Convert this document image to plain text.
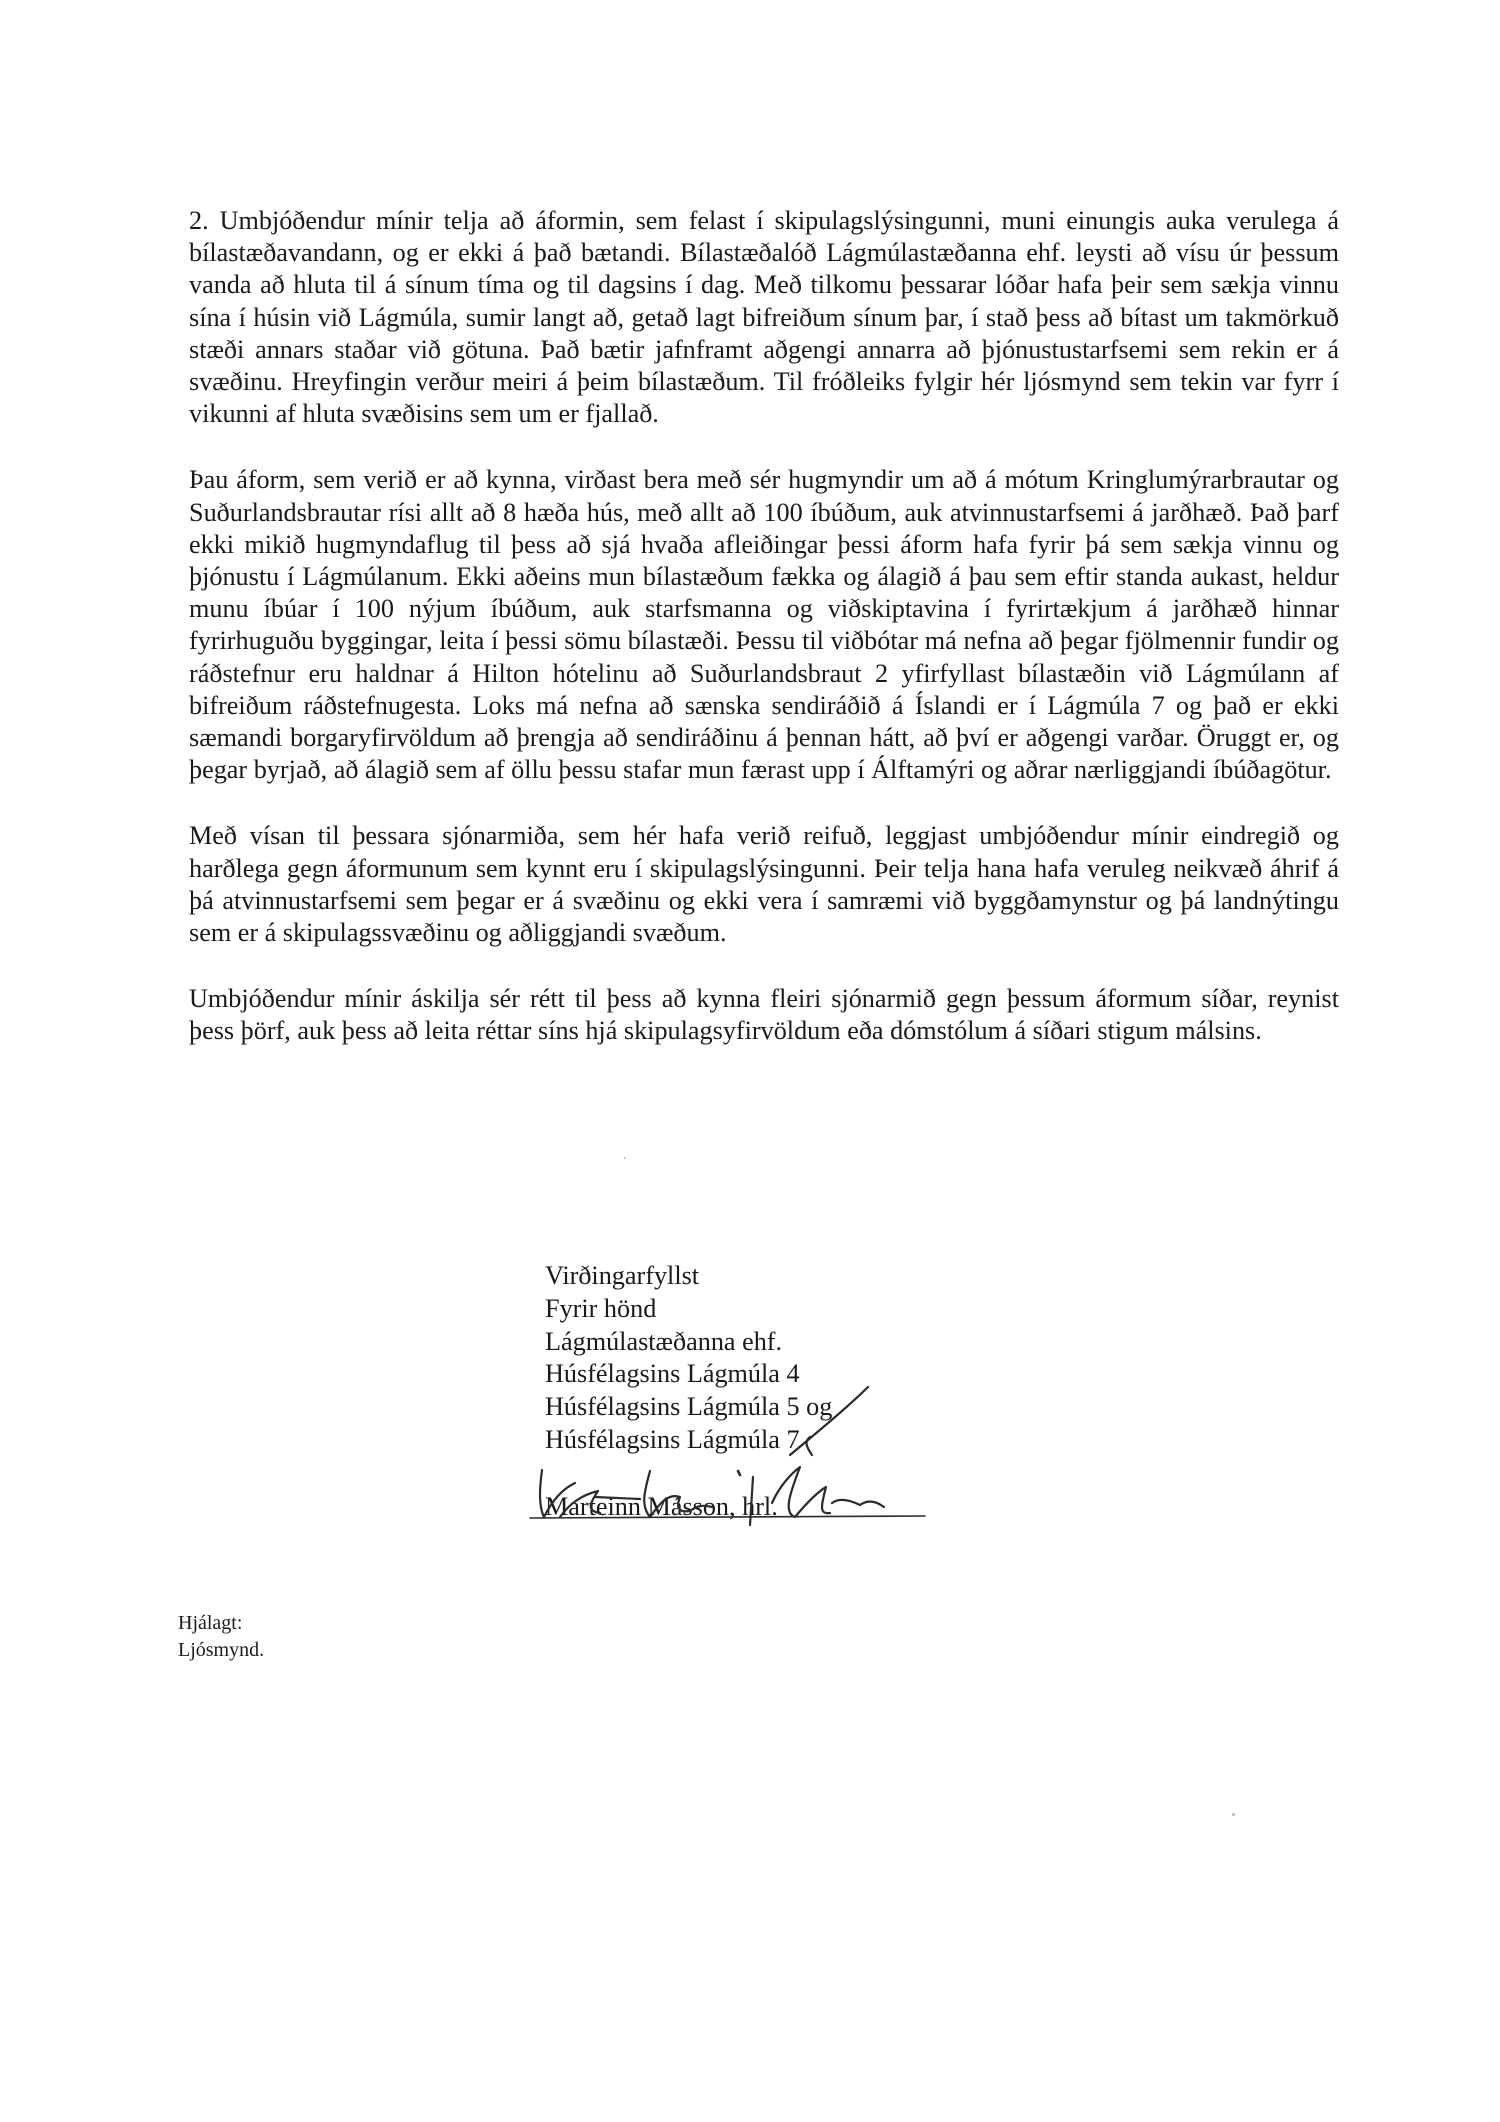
2. Umbjóðendur mínir telja að áformin, sem felast í skipulagslýsingunni, muni einungis auka verulega á bílastæðavandann, og er ekki á það bætandi. Bílastæðalóð Lágmúlastæðanna ehf. leysti að vísu úr þessum vanda að hluta til á sínum tíma og til dagsins í dag. Með tilkomu þessarar lóðar hafa þeir sem sækja vinnu sína í húsin við Lágmúla, sumir langt að, getað lagt bifreiðum sínum þar, í stað þess að bítast um takmörkuð stæði annars staðar við götuna. Það bætir jafnframt aðgengi annarra að þjónustustarfsemi sem rekin er á svæðinu. Hreyfingin verður meiri á þeim bílastæðum. Til fróðleiks fylgir hér ljósmynd sem tekin var fyrr í vikunni af hluta svæðisins sem um er fjallað.

Þau áform, sem verið er að kynna, virðast bera með sér hugmyndir um að á mótum Kringlumýrarbrautar og Suðurlandsbrautar rísi allt að 8 hæða hús, með allt að 100 íbúðum, auk atvinnustarfsemi á jarðhæð. Það þarf ekki mikið hugmyndaflug til þess að sjá hvaða afleiðingar þessi áform hafa fyrir þá sem sækja vinnu og þjónustu í Lágmúlanum. Ekki aðeins mun bílastæðum fækka og álagið á þau sem eftir standa aukast, heldur munu íbúar í 100 nýjum íbúðum, auk starfsmanna og viðskiptavina í fyrirtækjum á jarðhæð hinnar fyrirhuguðu byggingar, leita í þessi sömu bílastæði. Þessu til viðbótar má nefna að þegar fjölmennir fundir og ráðstefnur eru haldnar á Hilton hótelinu að Suðurlandsbraut 2 yfirfyllast bílastæðin við Lágmúlann af bifreiðum ráðstefnugesta. Loks má nefna að sænska sendiráðið á Íslandi er í Lágmúla 7 og það er ekki sæmandi borgaryfirvöldum að þrengja að sendiráðinu á þennan hátt, að því er aðgengi varðar. Öruggt er, og þegar byrjað, að álagið sem af öllu þessu stafar mun færast upp í Álftamýri og aðrar nærliggjandi íbúðagötur.

Með vísan til þessara sjónarmiða, sem hér hafa verið reifuð, leggjast umbjóðendur mínir eindregið og harðlega gegn áformunum sem kynnt eru í skipulagslýsingunni. Þeir telja hana hafa veruleg neikvæð áhrif á þá atvinnustarfsemi sem þegar er á svæðinu og ekki vera í samræmi við byggðamynstur og þá landnýtingu sem er á skipulagssvæðinu og aðliggjandi svæðum.

Umbjóðendur mínir áskilja sér rétt til þess að kynna fleiri sjónarmið gegn þessum áformum síðar, reynist þess þörf, auk þess að leita réttar síns hjá skipulagsyfirvöldum eða dómstólum á síðari stigum málsins.

Virðingarfyllst
Fyrir hönd
Lágmúlastæðanna ehf.
Húsfélagsins Lágmúla 4
Húsfélagsins Lágmúla 5 og
Húsfélagsins Lágmúla 7
Marteinn Másson, hrl.
Hjálagt:
Ljósmynd.
